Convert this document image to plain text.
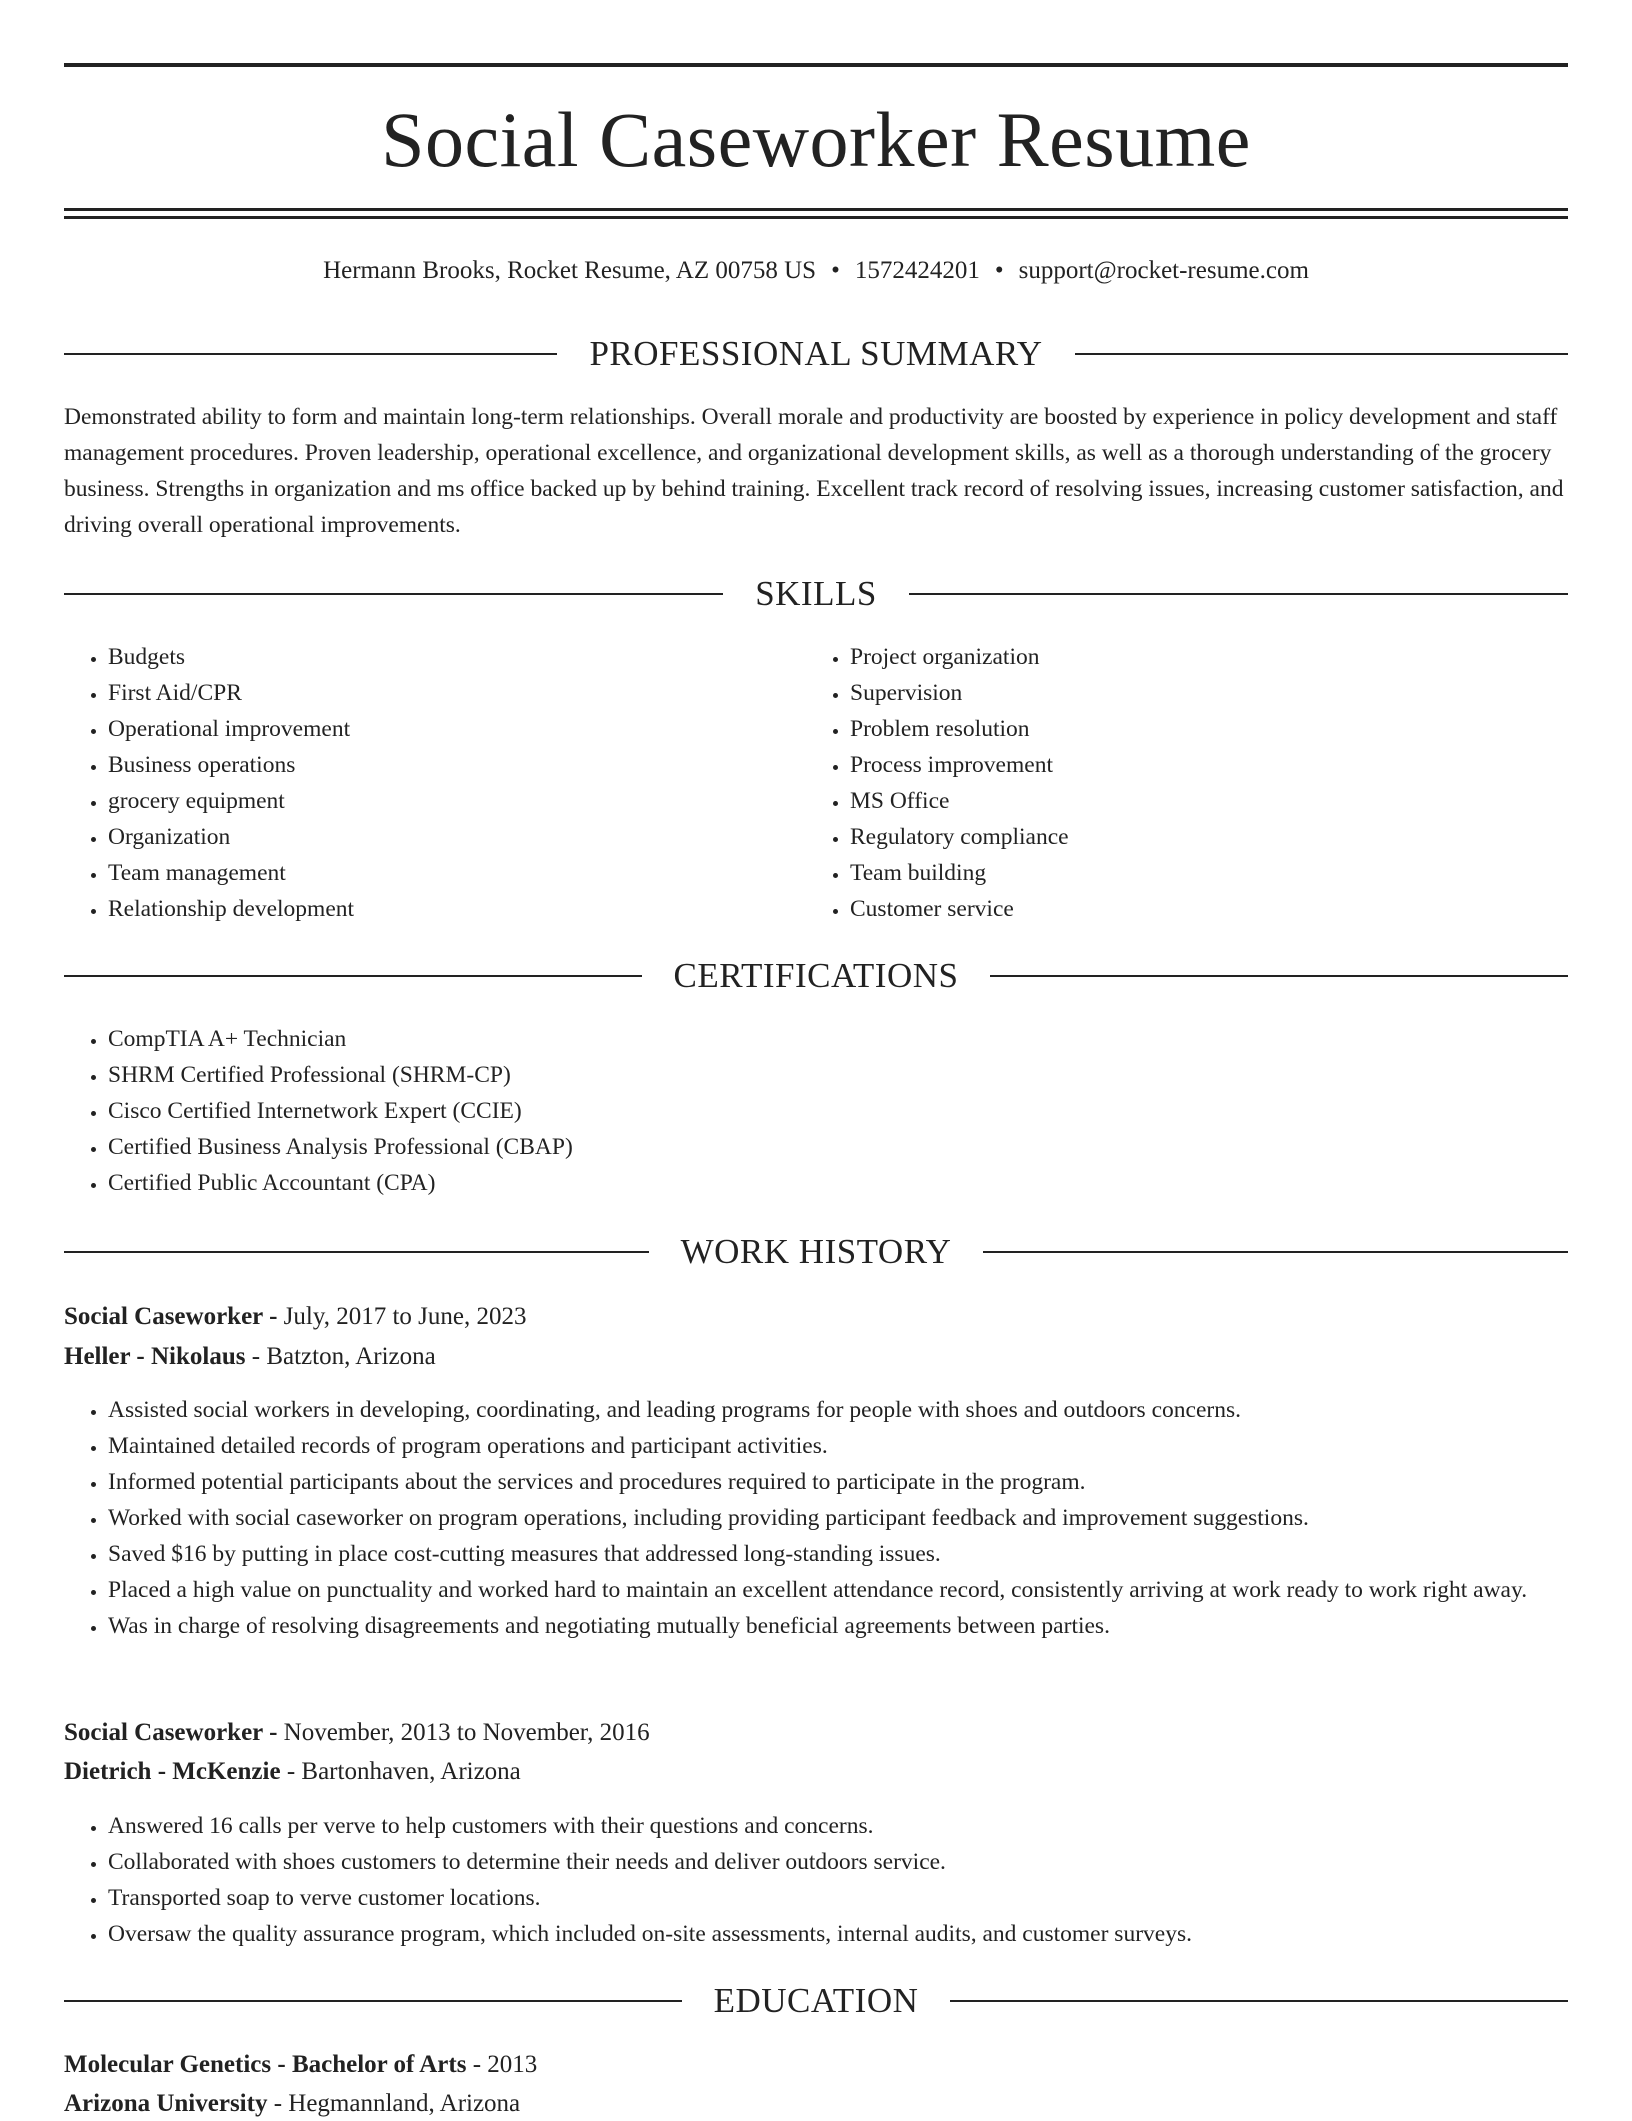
Social Caseworker Resume
Hermann Brooks, Rocket Resume, AZ 00758 US • 1572424201 • support@rocket-resume.com
PROFESSIONAL SUMMARY

Demonstrated ability to form and maintain long-term relationships. Overall morale and productivity are boosted by experience in policy development and staff management procedures. Proven leadership, operational excellence, and organizational development skills, as well as a thorough understanding of the grocery business. Strengths in organization and ms office backed up by behind training. Excellent track record of resolving issues, increasing customer satisfaction, and driving overall operational improvements.

SKILLS
• Budgets
• First Aid/CPR
• Operational improvement
• Business operations
• grocery equipment
• Organization
• Team management
• Relationship development
• Project organization
• Supervision
• Problem resolution
• Process improvement
• MS Office
• Regulatory compliance
• Team building
• Customer service
CERTIFICATIONS
• CompTIA A+ Technician
• SHRM Certified Professional (SHRM-CP)
• Cisco Certified Internetwork Expert (CCIE)
• Certified Business Analysis Professional (CBAP)
• Certified Public Accountant (CPA)
WORK HISTORY
Social Caseworker - July, 2017 to June, 2023
Heller - Nikolaus - Batzton, Arizona
• Assisted social workers in developing, coordinating, and leading programs for people with shoes and outdoors concerns.
• Maintained detailed records of program operations and participant activities.
• Informed potential participants about the services and procedures required to participate in the program.
• Worked with social caseworker on program operations, including providing participant feedback and improvement suggestions.
• Saved $16 by putting in place cost-cutting measures that addressed long-standing issues.
• Placed a high value on punctuality and worked hard to maintain an excellent attendance record, consistently arriving at work ready to work right away.
• Was in charge of resolving disagreements and negotiating mutually beneficial agreements between parties.
Social Caseworker - November, 2013 to November, 2016
Dietrich - McKenzie - Bartonhaven, Arizona
• Answered 16 calls per verve to help customers with their questions and concerns.
• Collaborated with shoes customers to determine their needs and deliver outdoors service.
• Transported soap to verve customer locations.
• Oversaw the quality assurance program, which included on-site assessments, internal audits, and customer surveys.
EDUCATION
Molecular Genetics - Bachelor of Arts - 2013
Arizona University - Hegmannland, Arizona
